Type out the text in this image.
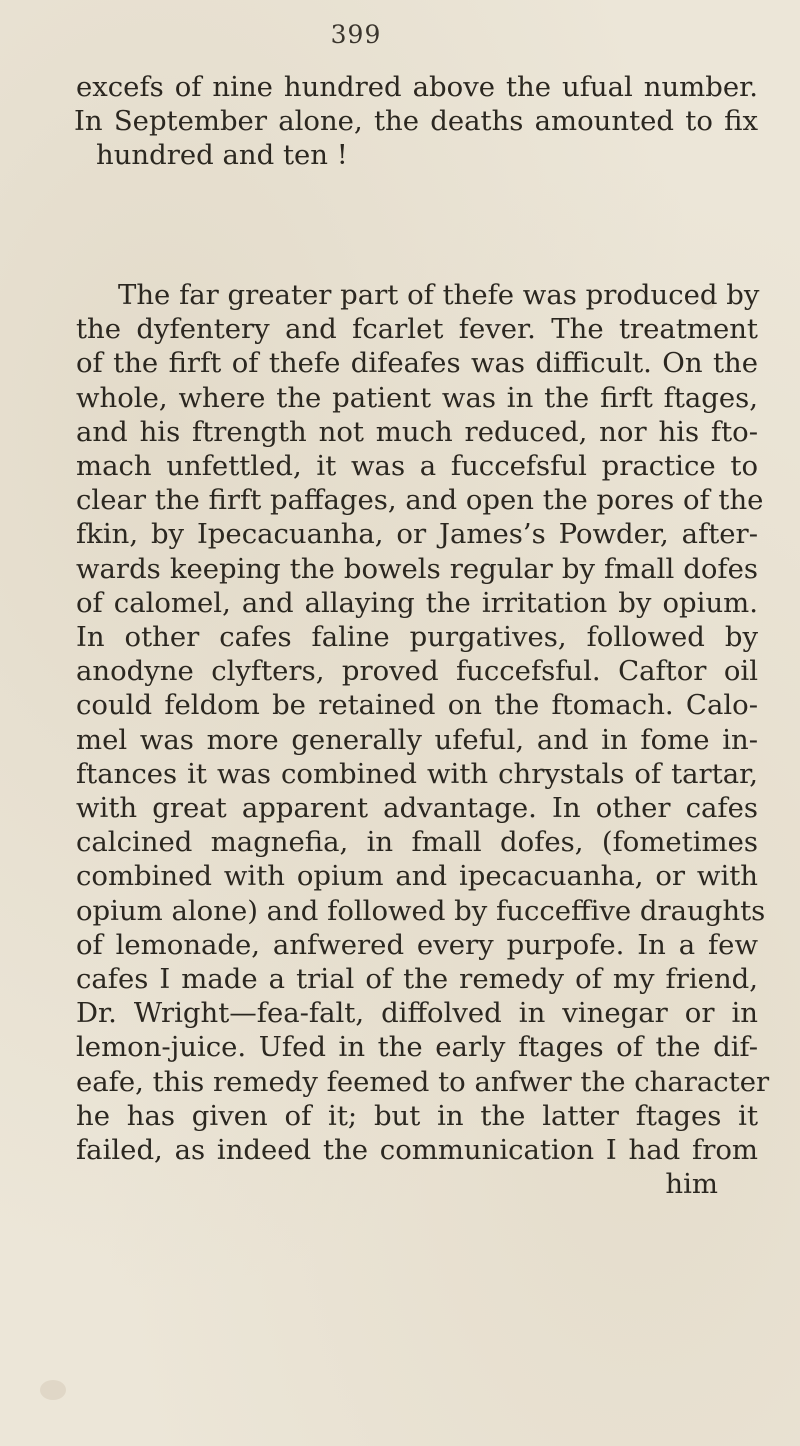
399
excefs of nine hundred above the ufual number.
In September alone, the deaths amounted to fix
hundred and ten !
The far greater part of thefe was produced by
the dyfentery and fcarlet fever. The treatment
of the firft of thefe difeafes was difficult. On the
whole, where the patient was in the firft ftages,
and his ftrength not much reduced, nor his fto-
mach unfettled, it was a fuccefsful practice to
clear the firft paffages, and open the pores of the
fkin, by Ipecacuanha, or James’s Powder, after-
wards keeping the bowels regular by fmall dofes
of calomel, and allaying the irritation by opium.
In other cafes faline purgatives, followed by
anodyne clyfters, proved fuccefsful. Caftor oil
could feldom be retained on the ftomach. Calo-
mel was more generally ufeful, and in fome in-
ftances it was combined with chrystals of tartar,
with great apparent advantage. In other cafes
calcined magnefia, in fmall dofes, (fometimes
combined with opium and ipecacuanha, or with
opium alone) and followed by fucceffive draughts
of lemonade, anfwered every purpofe. In a few
cafes I made a trial of the remedy of my friend,
Dr. Wright—fea-falt, diffolved in vinegar or in
lemon-juice. Ufed in the early ftages of the dif-
eafe, this remedy feemed to anfwer the character
he has given of it; but in the latter ftages it
failed, as indeed the communication I had from
him
